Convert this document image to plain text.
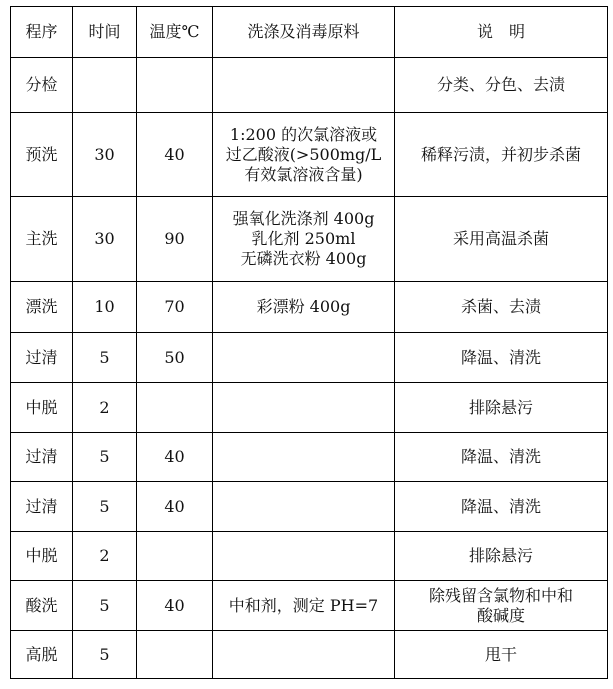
程序	时间	温度℃	洗涤及消毒原料	说　明
分检				分类、分色、去渍
预洗	30	40	1:200 的次氯溶液或
过乙酸液(>500mg/L
有效氯溶液含量)	稀释污渍，并初步杀菌
主洗	30	90	强氧化洗涤剂 400g
乳化剂 250ml
无磷洗衣粉 400g	采用高温杀菌
漂洗	10	70	彩漂粉 400g	杀菌、去渍
过清	5	50		降温、清洗
中脱	2			排除悬污
过清	5	40		降温、清洗
过清	5	40		降温、清洗
中脱	2			排除悬污
酸洗	5	40	中和剂，测定 PH=7	除残留含氯物和中和
酸碱度
高脱	5			甩干
